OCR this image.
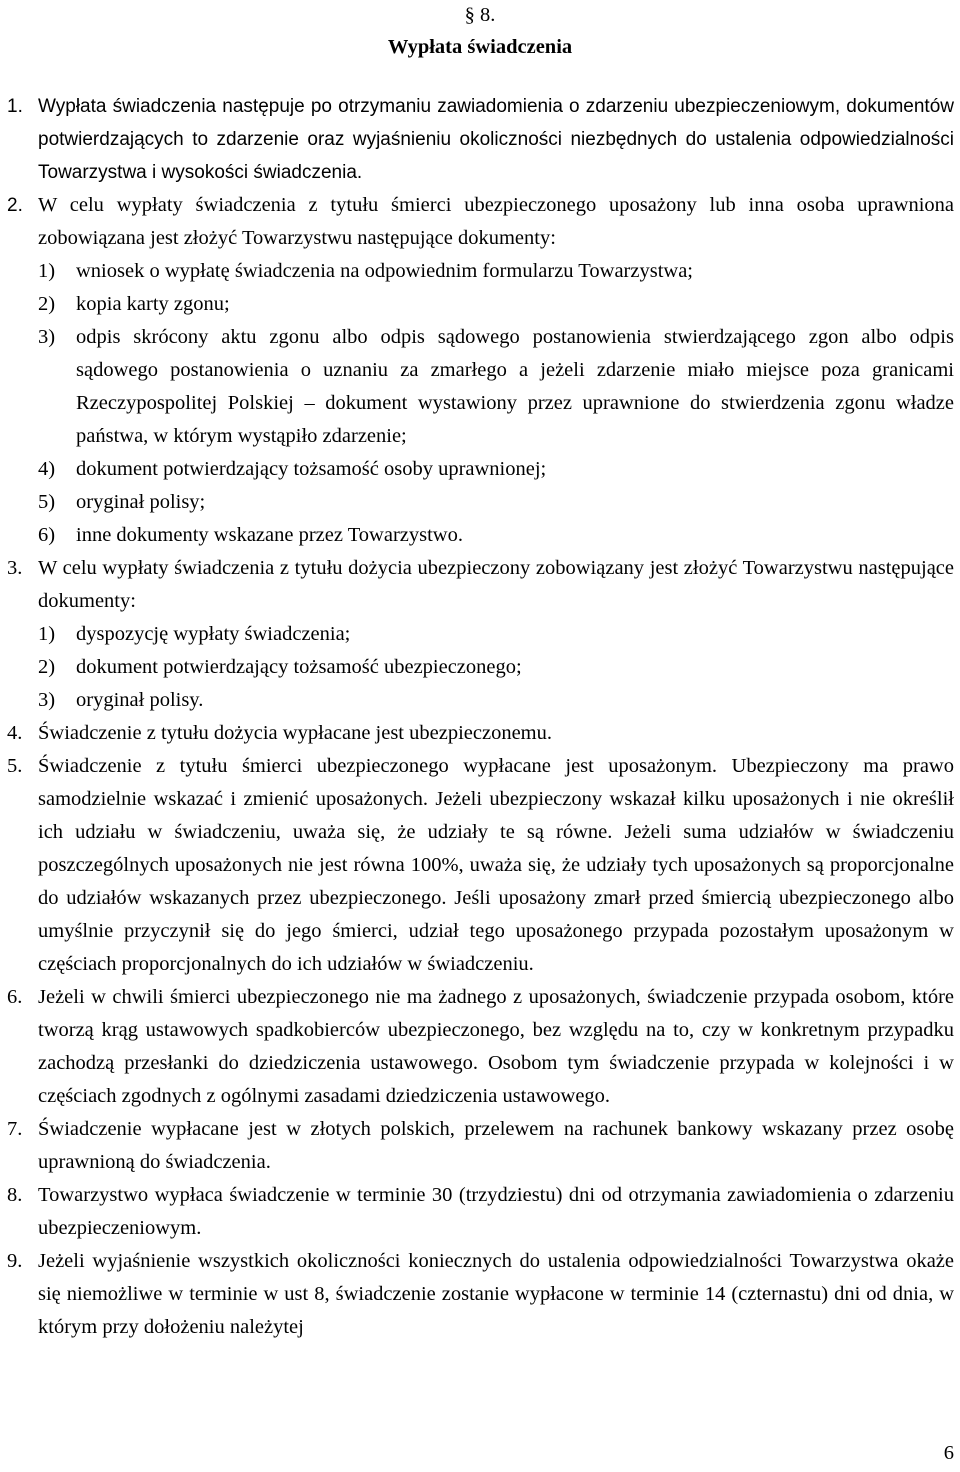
§ 8.
Wypłata świadczenia
1. Wypłata świadczenia następuje po otrzymaniu zawiadomienia o zdarzeniu ubezpieczeniowym, dokumentów potwierdzających to zdarzenie oraz wyjaśnieniu okoliczności niezbędnych do ustalenia odpowiedzialności Towarzystwa i wysokości świadczenia.
2. W celu wypłaty świadczenia z tytułu śmierci ubezpieczonego uposażony lub inna osoba uprawniona zobowiązana jest złożyć Towarzystwu następujące dokumenty:
1) wniosek o wypłatę świadczenia na odpowiednim formularzu Towarzystwa;
2) kopia karty zgonu;
3) odpis skrócony aktu zgonu albo odpis sądowego postanowienia stwierdzającego zgon albo odpis sądowego postanowienia o uznaniu za zmarłego a jeżeli zdarzenie miało miejsce poza granicami Rzeczypospolitej Polskiej – dokument wystawiony przez uprawnione do stwierdzenia zgonu władze państwa, w którym wystąpiło zdarzenie;
4) dokument potwierdzający tożsamość osoby uprawnionej;
5) oryginał polisy;
6) inne dokumenty wskazane przez Towarzystwo.
3. W celu wypłaty świadczenia z tytułu dożycia ubezpieczony zobowiązany jest złożyć Towarzystwu następujące dokumenty:
1) dyspozycję wypłaty świadczenia;
2) dokument potwierdzający tożsamość ubezpieczonego;
3) oryginał polisy.
4. Świadczenie z tytułu dożycia wypłacane jest ubezpieczonemu.
5. Świadczenie z tytułu śmierci ubezpieczonego wypłacane jest uposażonym. Ubezpieczony ma prawo samodzielnie wskazać i zmienić uposażonych. Jeżeli ubezpieczony wskazał kilku uposażonych i nie określił ich udziału w świadczeniu, uważa się, że udziały te są równe. Jeżeli suma udziałów w świadczeniu poszczególnych uposażonych nie jest równa 100%, uważa się, że udziały tych uposażonych są proporcjonalne do udziałów wskazanych przez ubezpieczonego. Jeśli uposażony zmarł przed śmiercią ubezpieczonego albo umyślnie przyczynił się do jego śmierci, udział tego uposażonego przypada pozostałym uposażonym w częściach proporcjonalnych do ich udziałów w świadczeniu.
6. Jeżeli w chwili śmierci ubezpieczonego nie ma żadnego z uposażonych, świadczenie przypada osobom, które tworzą krąg ustawowych spadkobierców ubezpieczonego, bez względu na to, czy w konkretnym przypadku zachodzą przesłanki do dziedziczenia ustawowego. Osobom tym świadczenie przypada w kolejności i w częściach zgodnych z ogólnymi zasadami dziedziczenia ustawowego.
7. Świadczenie wypłacane jest w złotych polskich, przelewem na rachunek bankowy wskazany przez osobę uprawnioną do świadczenia.
8. Towarzystwo wypłaca świadczenie w terminie 30 (trzydziestu) dni od otrzymania zawiadomienia o zdarzeniu ubezpieczeniowym.
9. Jeżeli wyjaśnienie wszystkich okoliczności koniecznych do ustalenia odpowiedzialności Towarzystwa okaże się niemożliwe w terminie w ust 8, świadczenie zostanie wypłacone w terminie 14 (czternastu) dni od dnia, w którym przy dołożeniu należytej
6
